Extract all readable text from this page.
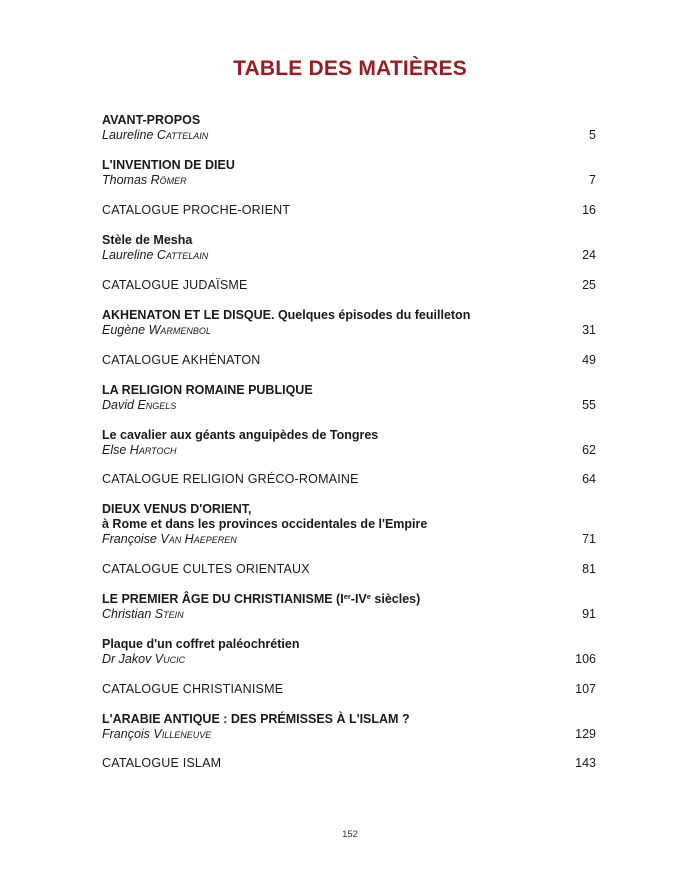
TABLE DES MATIÈRES
AVANT-PROPOS
Laureline Cattelain	5
L'INVENTION DE DIEU
Thomas Römer	7
CATALOGUE PROCHE-ORIENT	16
Stèle de Mesha
Laureline Cattelain	24
CATALOGUE JUDAÏSME	25
AKHENATON ET LE DISQUE. Quelques épisodes du feuilleton
Eugène Warmenbol	31
CATALOGUE AKHÉNATON	49
LA RELIGION ROMAINE PUBLIQUE
David Engels	55
Le cavalier aux géants anguipèdes de Tongres
Else Hartoch	62
CATALOGUE RELIGION GRÉCO-ROMAINE	64
DIEUX VENUS D'ORIENT,
à Rome et dans les provinces occidentales de l'Empire
Françoise Van Haeperen	71
CATALOGUE CULTES ORIENTAUX	81
LE PREMIER ÂGE DU CHRISTIANISME (Ier-IVe siècles)
Christian Stein	91
Plaque d'un coffret paléochrétien
Dr Jakov Vucic	106
CATALOGUE CHRISTIANISME	107
L'ARABIE ANTIQUE : DES PRÉMISSES À L'ISLAM ?
François Villeneuve	129
CATALOGUE ISLAM	143
152
